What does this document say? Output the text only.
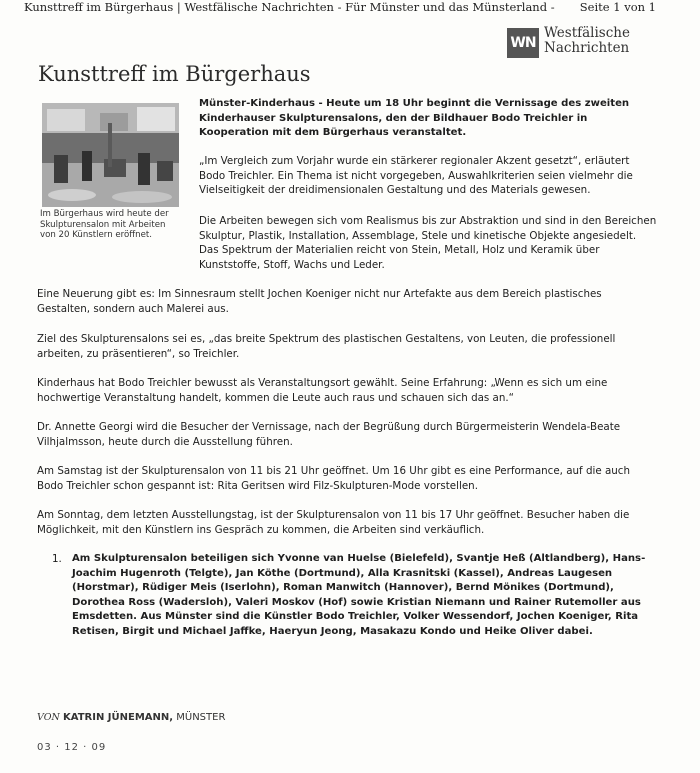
Kunsttreff im Bürgerhaus | Westfälische Nachrichten - Für Münster und das Münsterland - Seite 1 von 1
WN
Westfälische
Nachrichten
Kunsttreff im Bürgerhaus
Im Bürgerhaus wird heute der Skulpturensalon mit Arbeiten von 20 Künstlern eröffnet.
Münster-Kinderhaus - Heute um 18 Uhr beginnt die Vernissage des zweiten Kinderhauser Skulpturensalons, den der Bildhauer Bodo Treichler in Kooperation mit dem Bürgerhaus veranstaltet.
„Im Vergleich zum Vorjahr wurde ein stärkerer regionaler Akzent gesetzt“, erläutert Bodo Treichler. Ein Thema ist nicht vorgegeben, Auswahlkriterien seien vielmehr die Vielseitigkeit der dreidimensionalen Gestaltung und des Materials gewesen.
Die Arbeiten bewegen sich vom Realismus bis zur Abstraktion und sind in den Bereichen Skulptur, Plastik, Installation, Assemblage, Stele und kinetische Objekte angesiedelt. Das Spektrum der Materialien reicht von Stein, Metall, Holz und Keramik über Kunststoffe, Stoff, Wachs und Leder.
Eine Neuerung gibt es: Im Sinnesraum stellt Jochen Koeniger nicht nur Artefakte aus dem Bereich plastisches Gestalten, sondern auch Malerei aus.
Ziel des Skulpturensalons sei es, „das breite Spektrum des plastischen Gestaltens, von Leuten, die professionell arbeiten, zu präsentieren“, so Treichler.
Kinderhaus hat Bodo Treichler bewusst als Veranstaltungsort gewählt. Seine Erfahrung: „Wenn es sich um eine hochwertige Veranstaltung handelt, kommen die Leute auch raus und schauen sich das an.“
Dr. Annette Georgi wird die Besucher der Vernissage, nach der Begrüßung durch Bürgermeisterin Wendela-Beate Vilhjalmsson, heute durch die Ausstellung führen.
Am Samstag ist der Skulpturensalon von 11 bis 21 Uhr geöffnet. Um 16 Uhr gibt es eine Performance, auf die auch Bodo Treichler schon gespannt ist: Rita Geritsen wird Filz-Skulpturen-Mode vorstellen.
Am Sonntag, dem letzten Ausstellungstag, ist der Skulpturensalon von 11 bis 17 Uhr geöffnet. Besucher haben die Möglichkeit, mit den Künstlern ins Gespräch zu kommen, die Arbeiten sind verkäuflich.
1. Am Skulpturensalon beteiligen sich Yvonne van Huelse (Bielefeld), Svantje Heß (Altlandberg), Hans-Joachim Hugenroth (Telgte), Jan Köthe (Dortmund), Alla Krasnitski (Kassel), Andreas Laugesen (Horstmar), Rüdiger Meis (Iserlohn), Roman Manwitch (Hannover), Bernd Mönikes (Dortmund), Dorothea Ross (Wadersloh), Valeri Moskov (Hof) sowie Kristian Niemann und Rainer Rutemoller aus Emsdetten. Aus Münster sind die Künstler Bodo Treichler, Volker Wessendorf, Jochen Koeniger, Rita Retisen, Birgit und Michael Jaffke, Haeryun Jeong, Masakazu Kondo und Heike Oliver dabei.
VON KATRIN JÜNEMANN, MÜNSTER
03 · 12 · 09
